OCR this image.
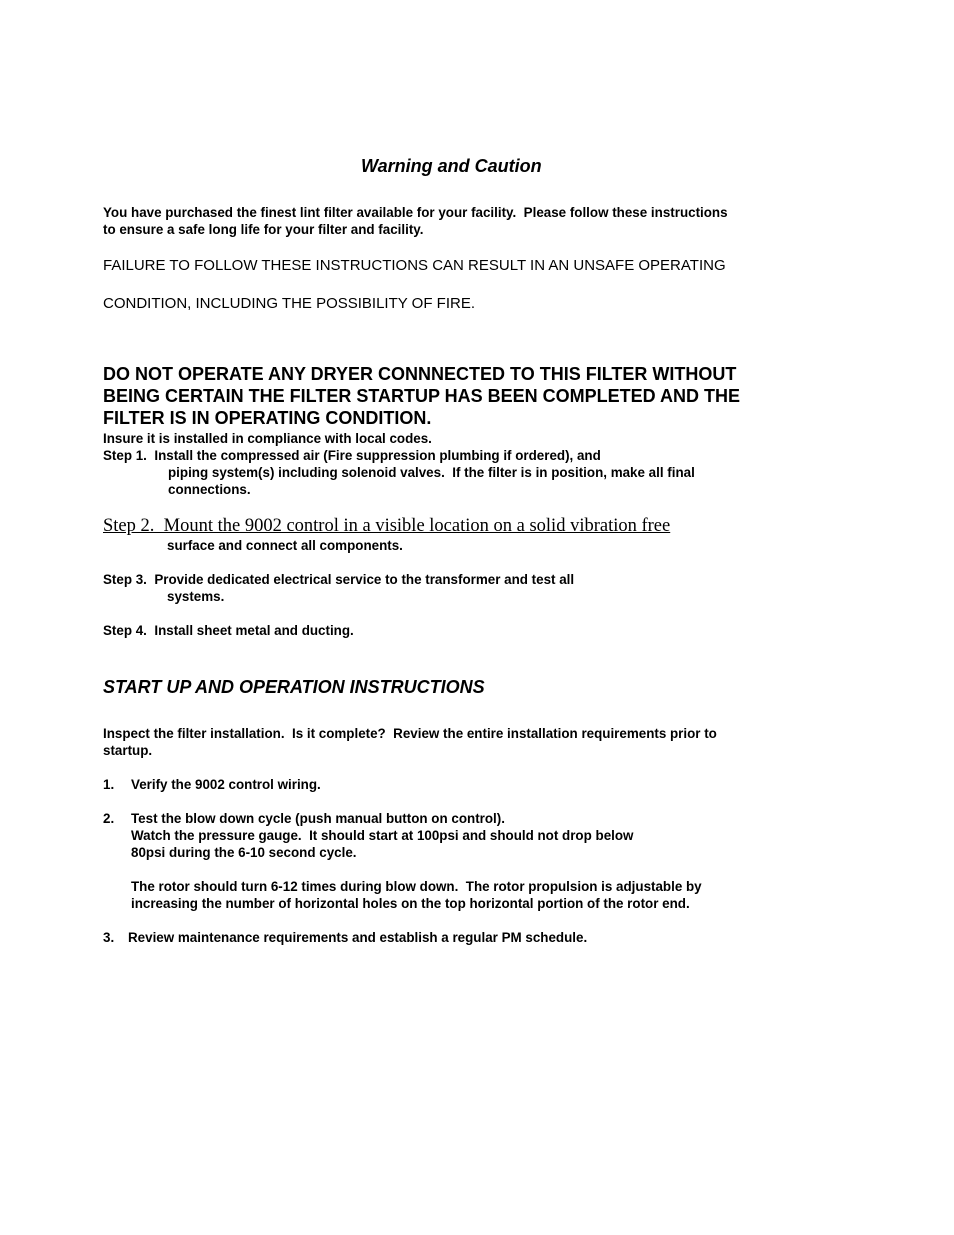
Warning and Caution
You have purchased the finest lint filter available for your facility.  Please follow these instructions
to ensure a safe long life for your filter and facility.
FAILURE TO FOLLOW THESE INSTRUCTIONS CAN RESULT IN AN UNSAFE OPERATING
CONDITION, INCLUDING THE POSSIBILITY OF FIRE.
DO NOT OPERATE ANY DRYER CONNNECTED TO THIS FILTER WITHOUT
BEING CERTAIN THE FILTER STARTUP HAS BEEN COMPLETED AND THE
FILTER IS IN OPERATING CONDITION.
Insure it is installed in compliance with local codes.
Step 1.  Install the compressed air (Fire suppression plumbing if ordered), and
piping system(s) including solenoid valves.  If the filter is in position, make all final
connections.
Step 2.  Mount the 9002 control in a visible location on a solid vibration free
surface and connect all components.
Step 3.  Provide dedicated electrical service to the transformer and test all
systems.
Step 4.  Install sheet metal and ducting.
START UP AND OPERATION INSTRUCTIONS
Inspect the filter installation.  Is it complete?  Review the entire installation requirements prior to
startup.
1. Verify the 9002 control wiring.
2. Test the blow down cycle (push manual button on control).
Watch the pressure gauge.  It should start at 100psi and should not drop below
80psi during the 6-10 second cycle.
The rotor should turn 6-12 times during blow down.  The rotor propulsion is adjustable by
increasing the number of horizontal holes on the top horizontal portion of the rotor end.
3. Review maintenance requirements and establish a regular PM schedule.
